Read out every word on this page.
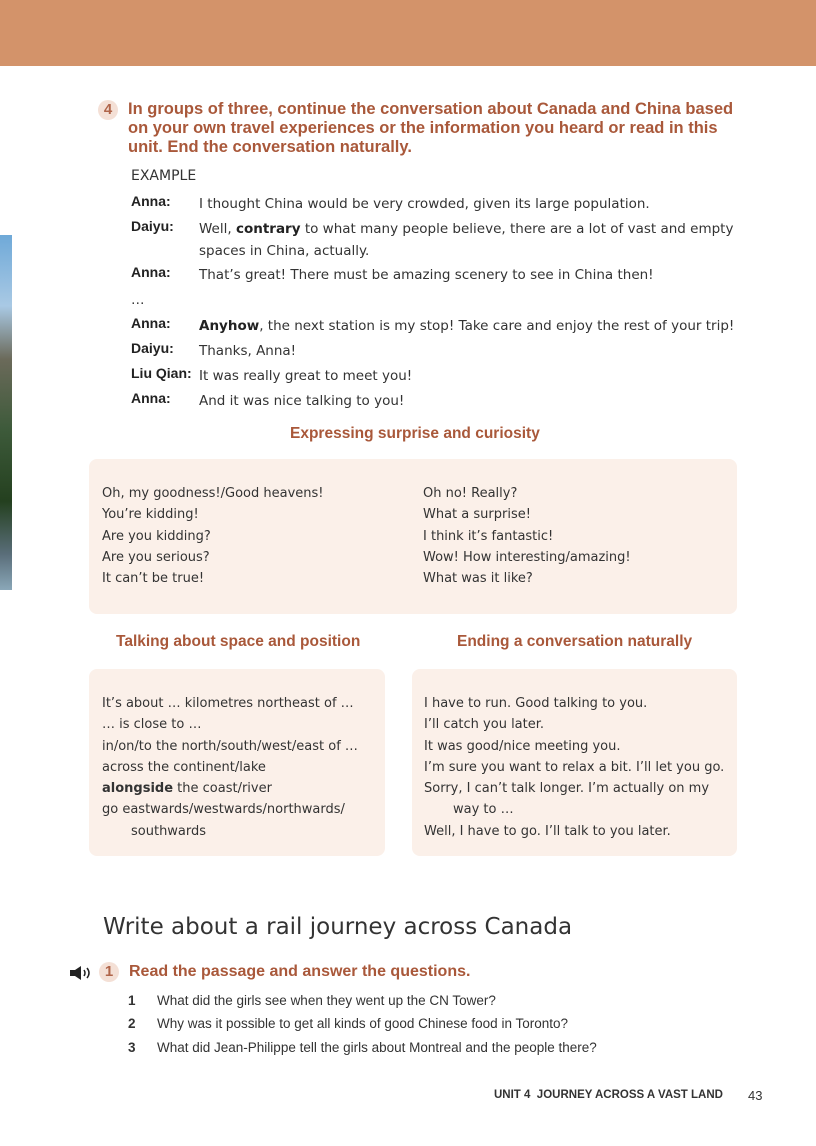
4 In groups of three, continue the conversation about Canada and China based on your own travel experiences or the information you heard or read in this unit. End the conversation naturally.
EXAMPLE
Anna: I thought China would be very crowded, given its large population.
Daiyu: Well, contrary to what many people believe, there are a lot of vast and empty spaces in China, actually.
Anna: That’s great! There must be amazing scenery to see in China then!
…
Anna: Anyhow, the next station is my stop! Take care and enjoy the rest of your trip!
Daiyu: Thanks, Anna!
Liu Qian: It was really great to meet you!
Anna: And it was nice talking to you!
Expressing surprise and curiosity
Oh, my goodness!/Good heavens!
You’re kidding!
Are you kidding?
Are you serious?
It can’t be true!
Oh no! Really?
What a surprise!
I think it’s fantastic!
Wow! How interesting/amazing!
What was it like?
Talking about space and position
It’s about … kilometres northeast of …
… is close to …
in/on/to the north/south/west/east of …
across the continent/lake
alongside the coast/river
go eastwards/westwards/northwards/
southwards
Ending a conversation naturally
I have to run. Good talking to you.
I’ll catch you later.
It was good/nice meeting you.
I’m sure you want to relax a bit. I’ll let you go.
Sorry, I can’t talk longer. I’m actually on my
way to …
Well, I have to go. I’ll talk to you later.
Write about a rail journey across Canada
1 Read the passage and answer the questions.
UNIT 4  JOURNEY ACROSS A VAST LAND 43
1 What did the girls see when they went up the CN Tower?
2 Why was it possible to get all kinds of good Chinese food in Toronto?
3 What did Jean-Philippe tell the girls about Montreal and the people there?
